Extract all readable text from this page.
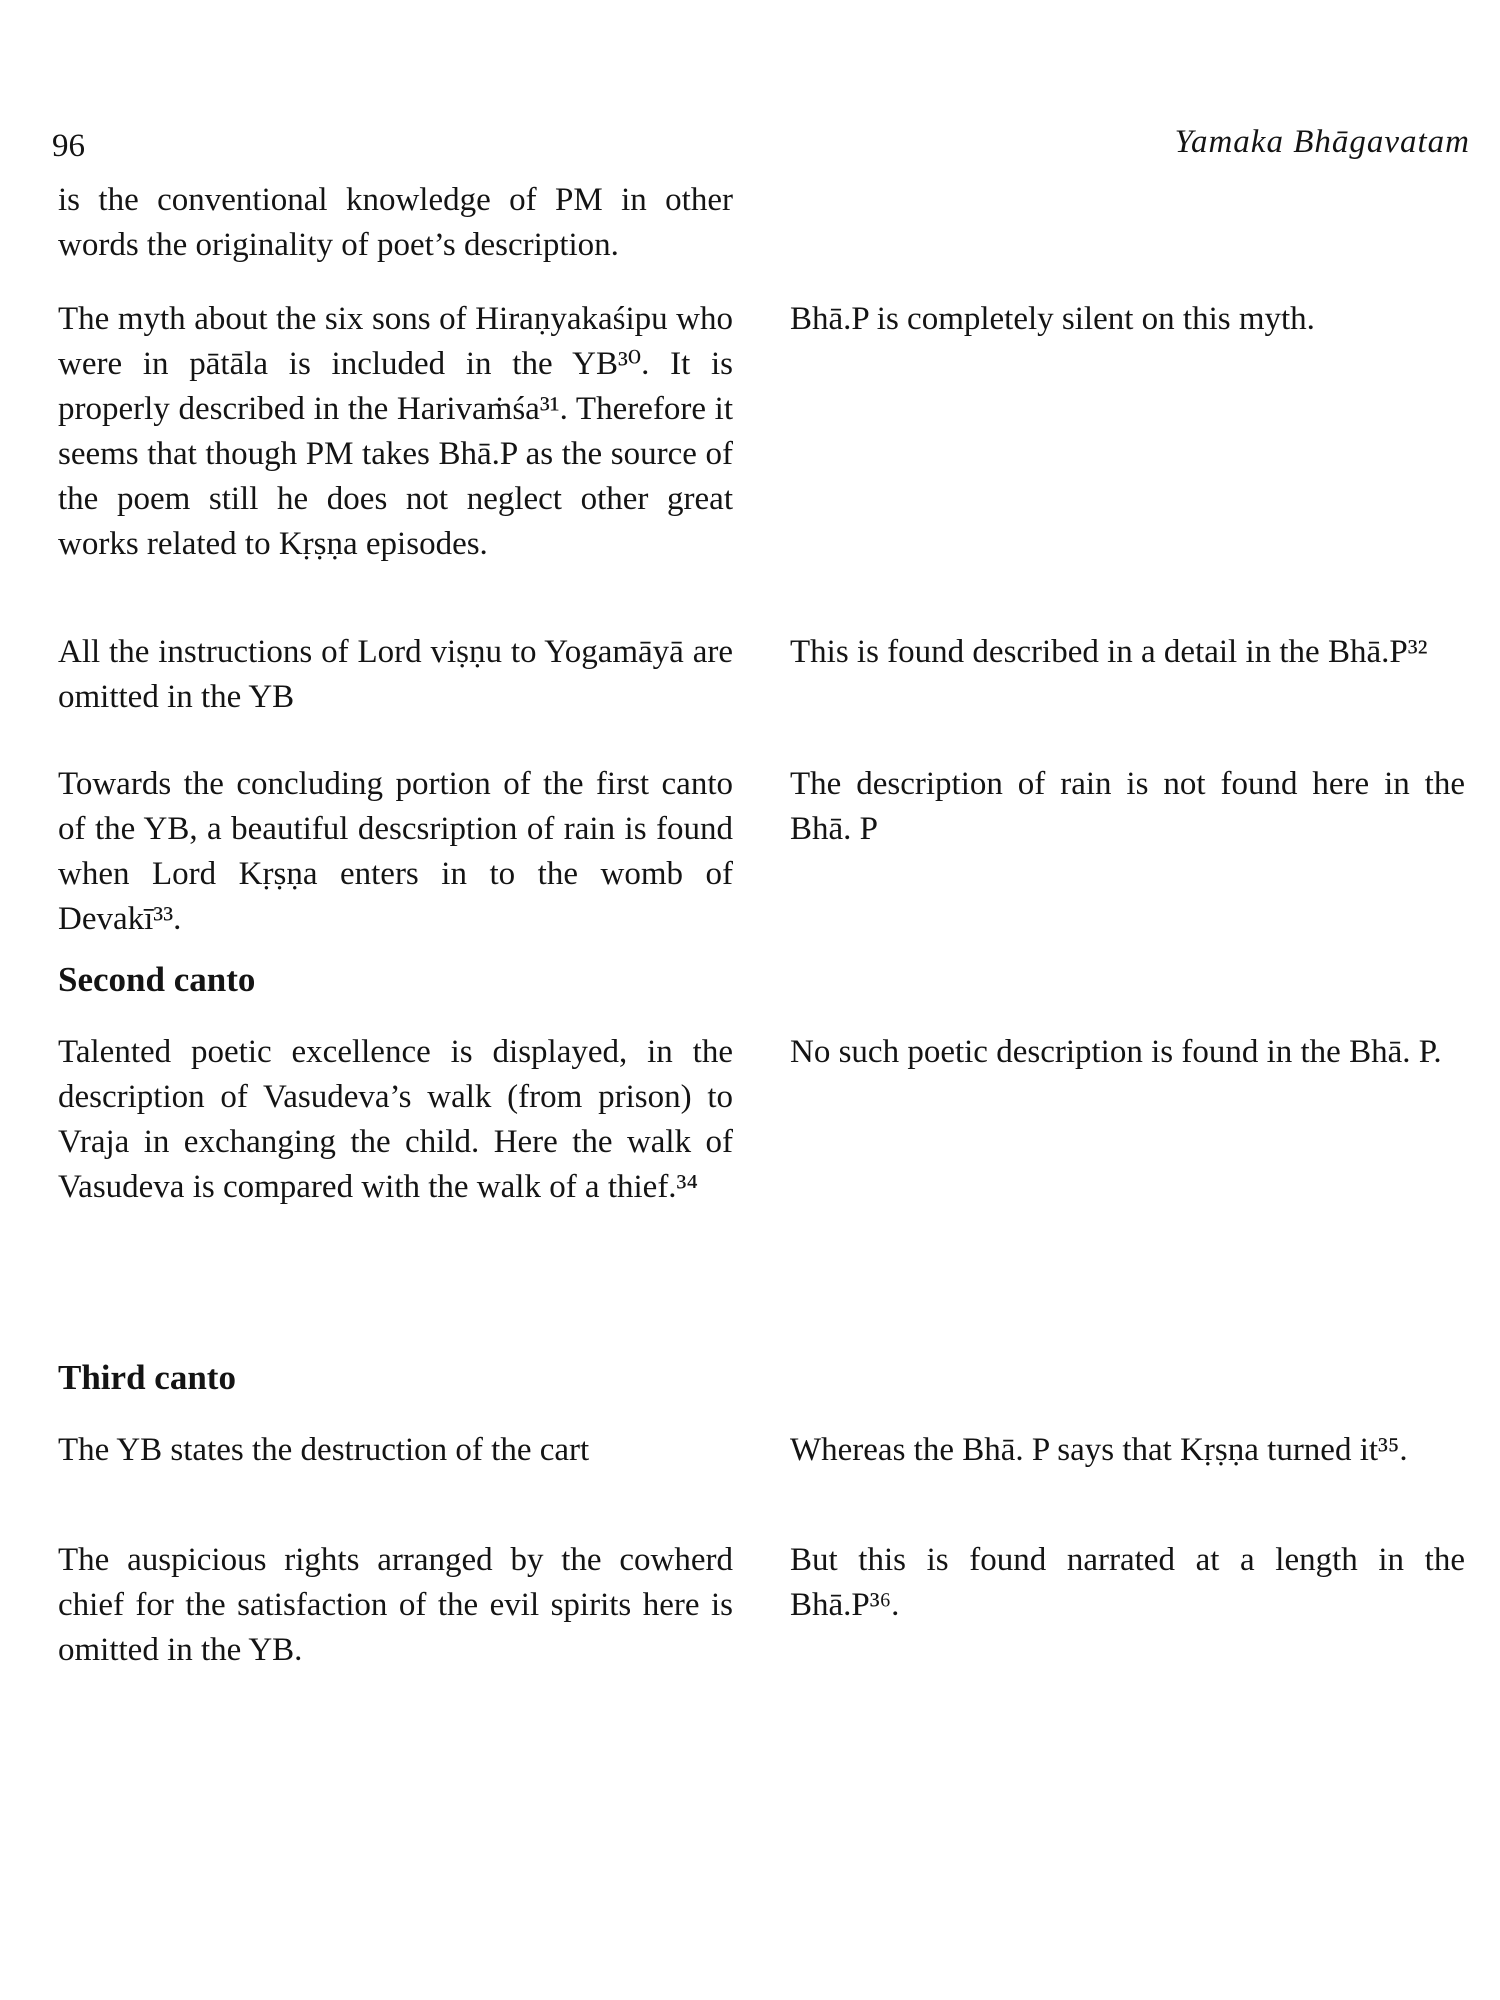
96	Yamaka Bhāgavatam

is the conventional knowledge of PM in other words the originality of poet’s description.

The myth about the six sons of Hiraṇyakaśipu who were in pātāla is included in the YB³⁰. It is properly described in the Harivaṁśa³¹. Therefore it seems that though PM takes Bhā.P as the source of the poem still he does not neglect other great works related to Kṛṣṇa episodes.

Bhā.P is completely silent on this myth.

All the instructions of Lord viṣṇu to Yogamāyā are omitted in the YB

This is found described in a detail in the Bhā.P³²

Towards the concluding portion of the first canto of the YB, a beautiful descsription of rain is found when Lord Kṛṣṇa enters in to the womb of Devakī³³.

The description of rain is not found here in the Bhā. P

Second canto

Talented poetic excellence is displayed, in the description of Vasudeva’s walk (from prison) to Vraja in exchanging the child. Here the walk of Vasudeva is compared with the walk of a thief.³⁴

No such poetic description is found in the Bhā. P.

Third canto

The YB states the destruction of the cart	Whereas the Bhā. P says that Kṛṣṇa turned it³⁵.

The auspicious rights arranged by the cowherd chief for the satisfaction of the evil spirits here is omitted in the YB.

But this is found narrated at a length in the Bhā.P³⁶.
